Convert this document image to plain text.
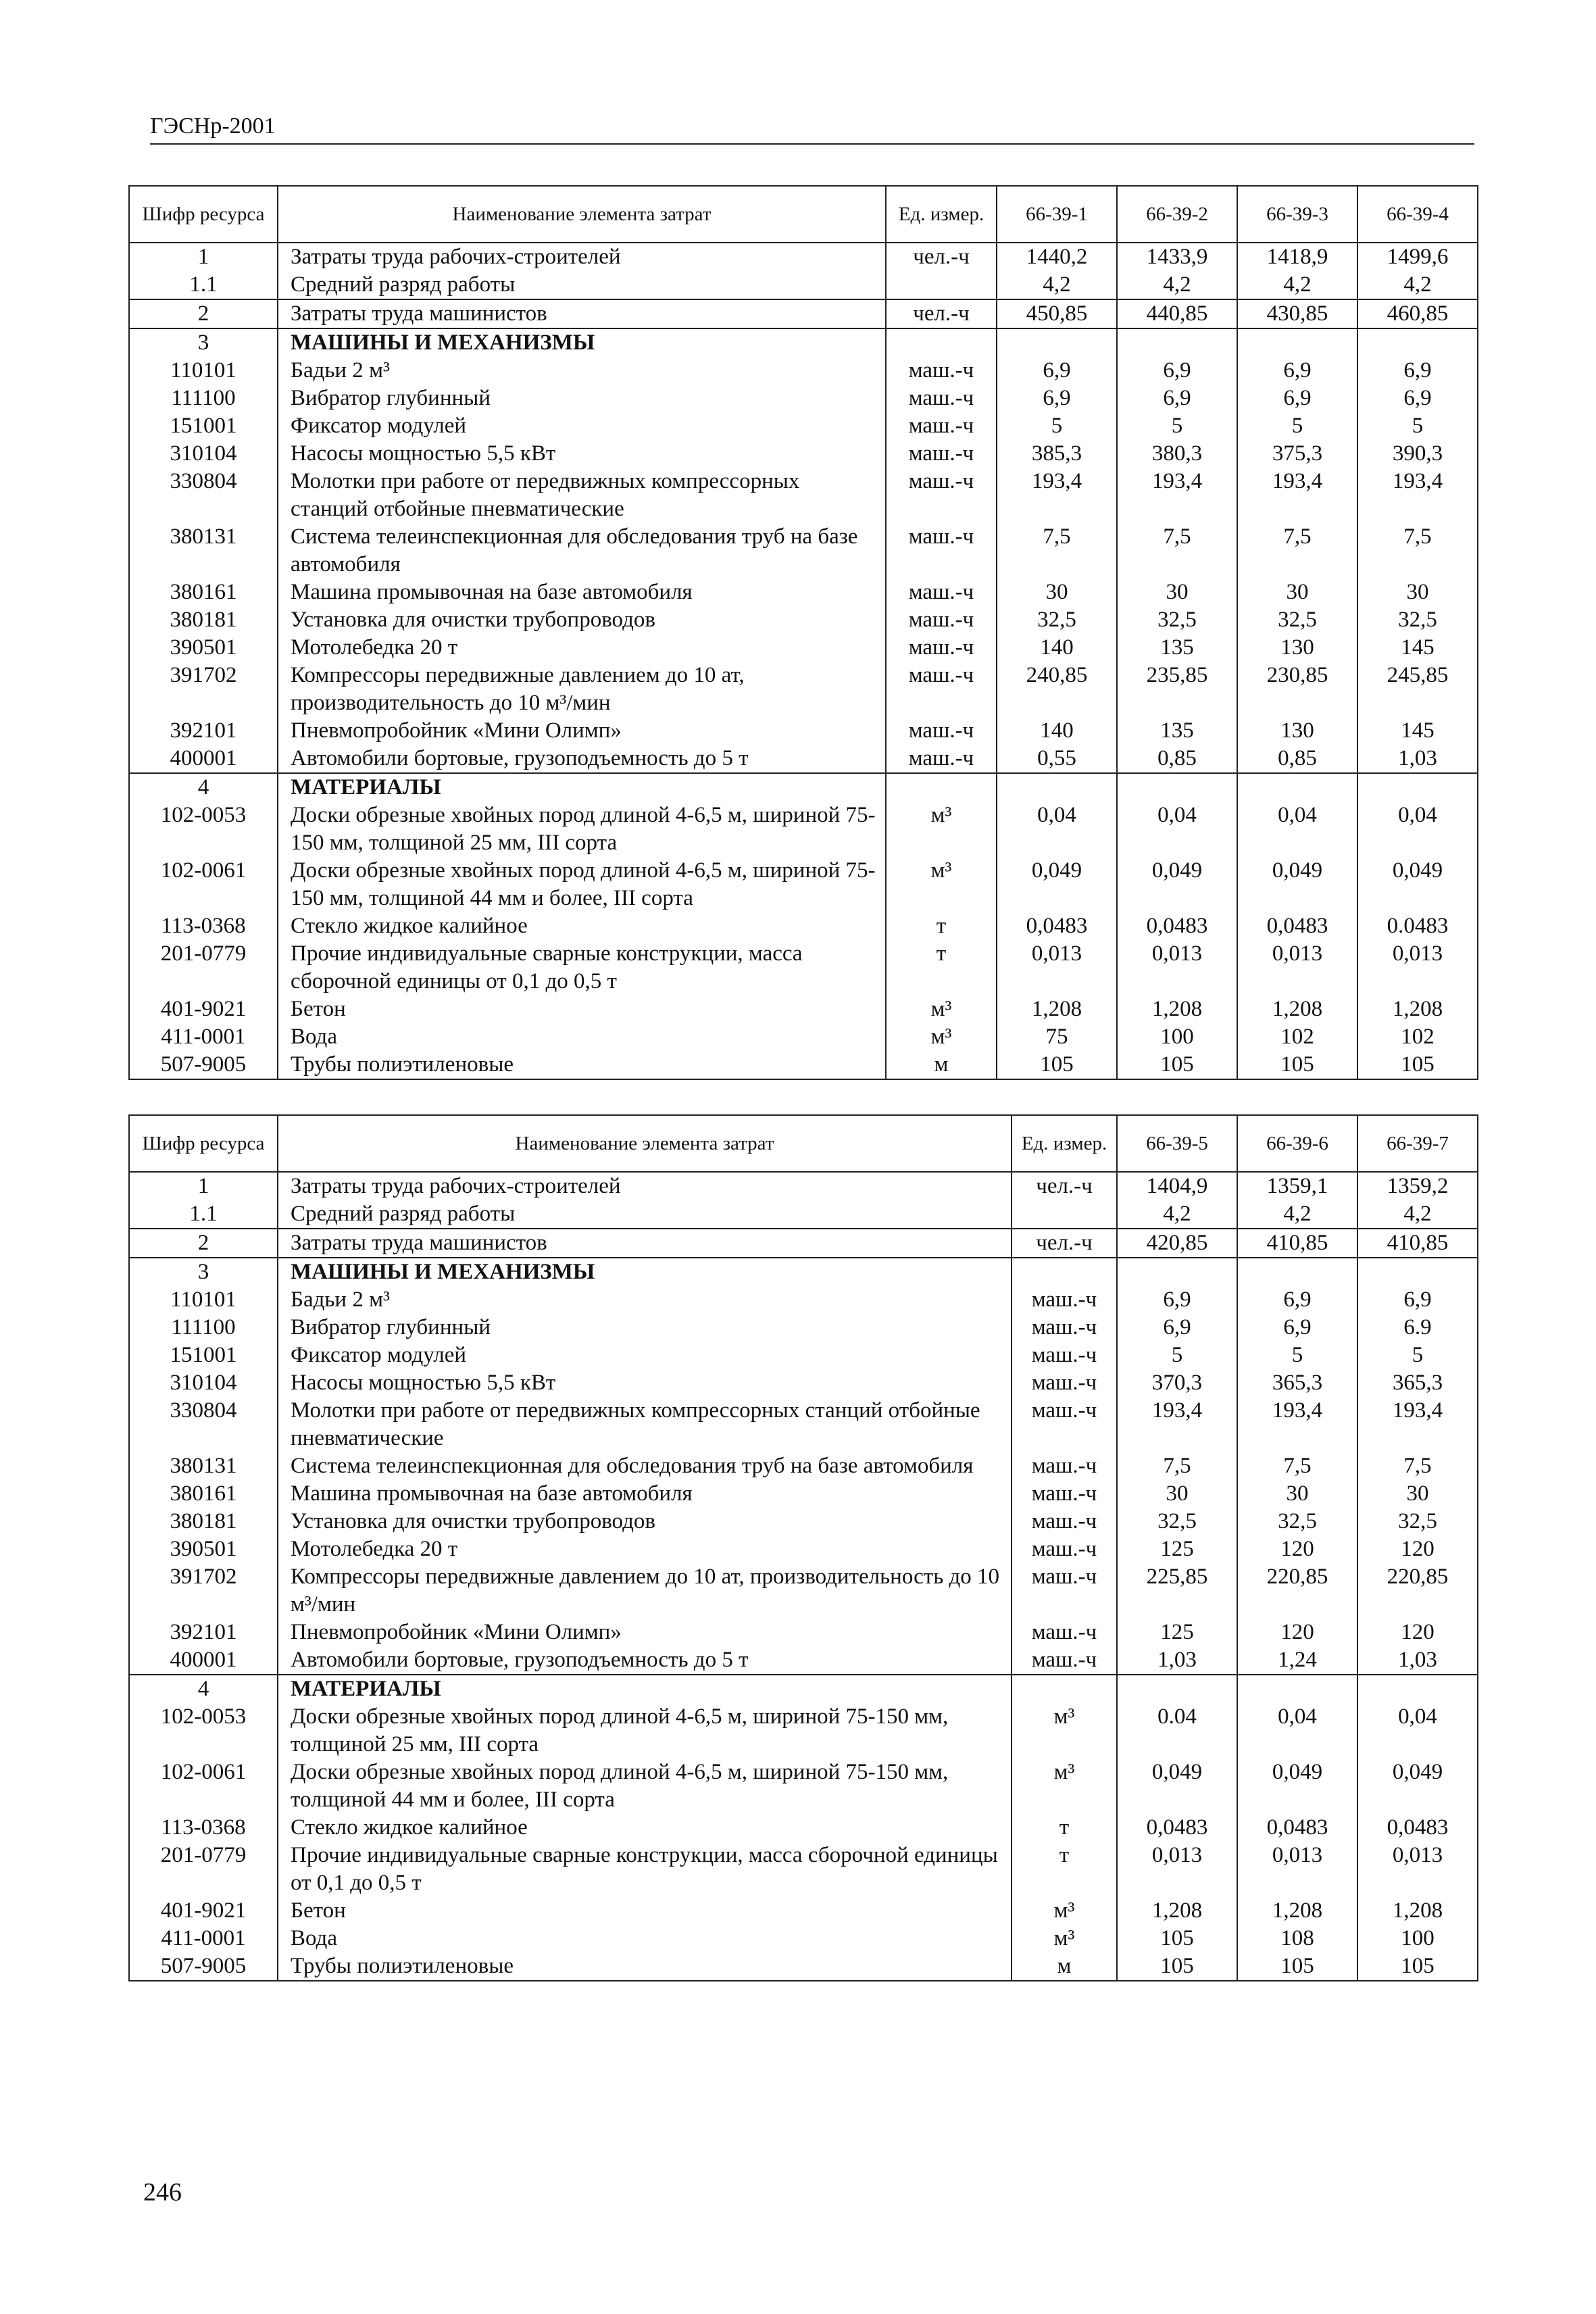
ГЭСНр-2001
Шифр ресурса	Наименование элемента затрат	Ед. измер.	66-39-1	66-39-2	66-39-3	66-39-4
1	Затраты труда рабочих-строителей	чел.-ч	1440,2	1433,9	1418,9	1499,6
1.1	Средний разряд работы		4,2	4,2	4,2	4,2
2	Затраты труда машинистов	чел.-ч	450,85	440,85	430,85	460,85
3	МАШИНЫ И МЕХАНИЗМЫ					
110101	Бадьи 2 м³	маш.-ч	6,9	6,9	6,9	6,9
111100	Вибратор глубинный	маш.-ч	6,9	6,9	6,9	6,9
151001	Фиксатор модулей	маш.-ч	5	5	5	5
310104	Насосы мощностью 5,5 кВт	маш.-ч	385,3	380,3	375,3	390,3
330804	Молотки при работе от передвижных компрессорных станций отбойные пневматические	маш.-ч	193,4	193,4	193,4	193,4
380131	Система телеинспекционная для обследования труб на базе автомобиля	маш.-ч	7,5	7,5	7,5	7,5
380161	Машина промывочная на базе автомобиля	маш.-ч	30	30	30	30
380181	Установка для очистки трубопроводов	маш.-ч	32,5	32,5	32,5	32,5
390501	Мотолебедка 20 т	маш.-ч	140	135	130	145
391702	Компрессоры передвижные давлением до 10 ат, производительность до 10 м³/мин	маш.-ч	240,85	235,85	230,85	245,85
392101	Пневмопробойник «Мини Олимп»	маш.-ч	140	135	130	145
400001	Автомобили бортовые, грузоподъемность до 5 т	маш.-ч	0,55	0,85	0,85	1,03
4	МАТЕРИАЛЫ					
102-0053	Доски обрезные хвойных пород длиной 4-6,5 м, шириной 75-150 мм, толщиной 25 мм, III сорта	м³	0,04	0,04	0,04	0,04
102-0061	Доски обрезные хвойных пород длиной 4-6,5 м, шириной 75-150 мм, толщиной 44 мм и более, III сорта	м³	0,049	0,049	0,049	0,049
113-0368	Стекло жидкое калийное	т	0,0483	0,0483	0,0483	0.0483
201-0779	Прочие индивидуальные сварные конструкции, масса сборочной единицы от 0,1 до 0,5 т	т	0,013	0,013	0,013	0,013
401-9021	Бетон	м³	1,208	1,208	1,208	1,208
411-0001	Вода	м³	75	100	102	102
507-9005	Трубы полиэтиленовые	м	105	105	105	105
Шифр ресурса	Наименование элемента затрат	Ед. измер.	66-39-5	66-39-6	66-39-7
1	Затраты труда рабочих-строителей	чел.-ч	1404,9	1359,1	1359,2
1.1	Средний разряд работы		4,2	4,2	4,2
2	Затраты труда машинистов	чел.-ч	420,85	410,85	410,85
3	МАШИНЫ И МЕХАНИЗМЫ				
110101	Бадьи 2 м³	маш.-ч	6,9	6,9	6,9
111100	Вибратор глубинный	маш.-ч	6,9	6,9	6.9
151001	Фиксатор модулей	маш.-ч	5	5	5
310104	Насосы мощностью 5,5 кВт	маш.-ч	370,3	365,3	365,3
330804	Молотки при работе от передвижных компрессорных станций отбойные пневматические	маш.-ч	193,4	193,4	193,4
380131	Система телеинспекционная для обследования труб на базе автомобиля	маш.-ч	7,5	7,5	7,5
380161	Машина промывочная на базе автомобиля	маш.-ч	30	30	30
380181	Установка для очистки трубопроводов	маш.-ч	32,5	32,5	32,5
390501	Мотолебедка 20 т	маш.-ч	125	120	120
391702	Компрессоры передвижные давлением до 10 ат, производительность до 10 м³/мин	маш.-ч	225,85	220,85	220,85
392101	Пневмопробойник «Мини Олимп»	маш.-ч	125	120	120
400001	Автомобили бортовые, грузоподъемность до 5 т	маш.-ч	1,03	1,24	1,03
4	МАТЕРИАЛЫ				
102-0053	Доски обрезные хвойных пород длиной 4-6,5 м, шириной 75-150 мм, толщиной 25 мм, III сорта	м³	0.04	0,04	0,04
102-0061	Доски обрезные хвойных пород длиной 4-6,5 м, шириной 75-150 мм, толщиной 44 мм и более, III сорта	м³	0,049	0,049	0,049
113-0368	Стекло жидкое калийное	т	0,0483	0,0483	0,0483
201-0779	Прочие индивидуальные сварные конструкции, масса сборочной единицы от 0,1 до 0,5 т	т	0,013	0,013	0,013
401-9021	Бетон	м³	1,208	1,208	1,208
411-0001	Вода	м³	105	108	100
507-9005	Трубы полиэтиленовые	м	105	105	105
246
